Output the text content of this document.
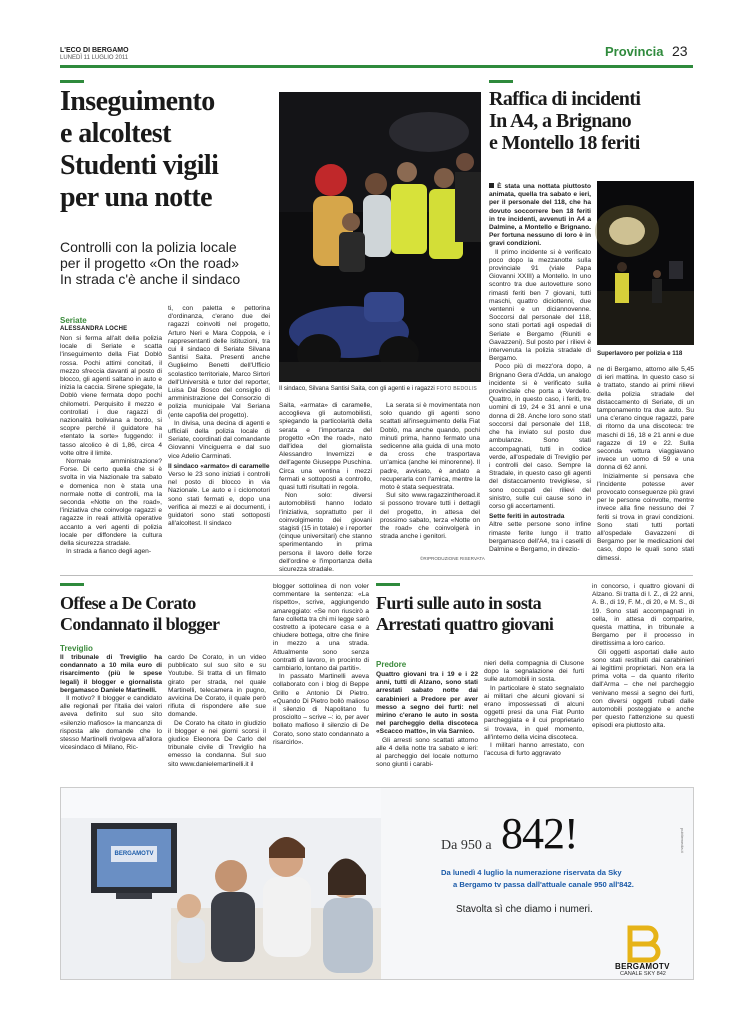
L'ECO DI BERGAMO
LUNEDÌ 11 LUGLIO 2011	Provincia 23
Inseguimento
e alcoltest
Studenti vigili
per una notte
Controlli con la polizia locale
per il progetto «On the road»
In strada c'è anche il sindaco
Seriate
ALESSANDRA LOCHE

Non si ferma all'alt della polizia locale di Seriate e scatta l'inseguimento della Fiat Doblò rossa. Pochi attimi concitati, il mezzo sfreccia davanti al posto di blocco, gli agenti saltano in auto e inizia la caccia. Sirene spiegate, la Doblò viene fermata dopo pochi chilometri. Perquisito il mezzo e controllati i due ragazzi di nazionalità boliviana a bordo, si scopre perché il guidatore ha «tentato la sorte» fuggendo: il tasso alcolico è di 1,86, circa 4 volte oltre il limite.

Normale amministrazione? Forse. Di certo quella che si è svolta in via Nazionale tra sabato e domenica non è stata una normale notte di controlli, ma la seconda «Notte on the road», l'iniziativa che coinvolge ragazzi e ragazze in reali attività operative accanto a veri agenti di polizia locale per diffondere la cultura della sicurezza stradale.

In strada a fianco degli agen-

ti, con paletta e pettorina d'ordinanza, c'erano due dei ragazzi coinvolti nel progetto, Arturo Neri e Mara Coppola, e i rappresentanti delle istituzioni, tra cui il sindaco di Seriate Silvana Santisi Saita. Presenti anche Guglielmo Benetti dell'Ufficio scolastico territoriale, Marco Sirtori dell'Università e tutor del reporter, Luisa Dal Bosco del consiglio di amministrazione del Consorzio di polizia municipale Val Seriana (ente capofila del progetto).

In divisa, una decina di agenti e ufficiali della polizia locale di Seriate, coordinati dal comandante Giovanni Vinciguerra e dal suo vice Adelio Carminati.

Il sindaco «armato» di caramelle

Verso le 23 sono iniziati i controlli nel posto di blocco in via Nazionale. Le auto e i ciclomotori sono stati fermati e, dopo una verifica ai mezzi e ai documenti, i guidatori sono stati sottoposti all'alcoltest. Il sindaco

Il sindaco, Silvana Santisi Saita, con gli agenti e i ragazzi FOTO BEDOLIS

Saita, «armata» di caramelle, accoglieva gli automobilisti, spiegando la particolarità della serata e l'importanza del progetto «On the road», nato dall'idea del giornalista Alessandro Invernizzi e dell'agente Giuseppe Puschina. Circa una ventina i mezzi fermati e sottoposti a controllo, quasi tutti risultati in regola.

Non solo: diversi automobilisti hanno lodato l'iniziativa, soprattutto per il coinvolgimento dei giovani stagisti (15 in totale) e i reporter (cinque universitari) che stanno sperimentando in prima persona il lavoro delle forze dell'ordine e l'importanza della sicurezza stradale.

La serata si è movimentata non solo quando gli agenti sono scattati all'inseguimento della Fiat Doblò, ma anche quando, pochi minuti prima, hanno fermato una sedicenne alla guida di una moto da cross che trasportava un'amica (anche lei minorenne). Il padre, avvisato, è andato a recuperarla con l'amica, mentre la moto è stata sequestrata.

Sul sito www.ragazzintheroad.it si possono trovare tutti i dettagli del progetto, in attesa del prossimo sabato, terza «Notte on the road» che coinvolgerà in strada anche i genitori.

©RIPRODUZIONE RISERVATA
Raffica di incidenti
In A4, a Brignano
e Montello 18 feriti

È stata una nottata piuttosto animata, quella tra sabato e ieri, per il personale del 118, che ha dovuto soccorrere ben 18 feriti in tre incidenti, avvenuti in A4 a Dalmine, a Montello e Brignano. Per fortuna nessuno di loro è in gravi condizioni.

Il primo incidente si è verificato poco dopo la mezzanotte sulla provinciale 91 (viale Papa Giovanni XXIII) a Montello. In uno scontro tra due autovetture sono rimasti feriti ben 7 giovani, tutti maschi, quattro diciottenni, due ventenni e un diciannovenne. Soccorsi dal personale del 118, sono stati portati agli ospedali di Seriate e Bergamo (Riuniti e Gavazzeni). Sul posto per i rilievi è intervenuta la polizia stradale di Bergamo.

Poco più di mezz'ora dopo, a Brignano Gera d'Adda, un analogo incidente si è verificato sulla provinciale che porta a Verdello. Quattro, in questo caso, i feriti, tre uomini di 19, 24 e 31 anni e una donna di 28. Anche loro sono stati soccorsi dal personale del 118, che ha inviato sul posto due ambulanze. Sono stati accompagnati, tutti in codice verde, all'ospedale di Treviglio per i controlli del caso. Sempre la Stradale, in questo caso gli agenti del distaccamento trevigliese, si sono occupati dei rilievi del sinistro, sulle cui cause sono in corso gli accertamenti.

Sette feriti in autostrada

Altre sette persone sono infine rimaste ferite lungo il tratto bergamasco dell'A4, tra i caselli di Dalmine e Bergamo, in direzio-

Superlavoro per polizia e 118

ne di Bergamo, attorno alle 5,45 di ieri mattina. In questo caso si è trattato, stando ai primi rilievi della polizia stradale del distaccamento di Seriate, di un tamponamento tra due auto. Su una c'erano cinque ragazzi, pare di ritorno da una discoteca: tre maschi di 16, 18 e 21 anni e due ragazze di 19 e 22. Sulla seconda vettura viaggiavano invece un uomo di 59 e una donna di 62 anni.

Inizialmente si pensava che l'incidente potesse aver provocato conseguenze più gravi per le persone coinvolte, mentre invece alla fine nessuno dei 7 feriti si trova in gravi condizioni. Sono stati tutti portati all'ospedale Gavazzeni di Bergamo per le medicazioni del caso, dopo le quali sono stati dimessi.

Offese a De Corato
Condannato il blogger
Treviglio

Il tribunale di Treviglio ha condannato a 10 mila euro di risarcimento (più le spese legali) il blogger e giornalista bergamasco Daniele Martinelli.

Il motivo? Il blogger e candidato alle regionali per l'Italia dei valori aveva definito sul suo sito «silenzio mafioso» la mancanza di risposta alle domande che lo stesso Martinelli rivolgeva all'allora vicesindaco di Milano, Ric-

cardo De Corato, in un video pubblicato sul suo sito e su Youtube. Si tratta di un filmato girato per strada, nel quale Martinelli, telecamera in pugno, avvicina De Corato, il quale però rifiuta di rispondere alle sue domande.

De Corato ha citato in giudizio il blogger e nei giorni scorsi il giudice Eleonora De Carlo del tribunale civile di Treviglio ha emesso la condanna. Sul suo sito www.danielemartinelli.it il

blogger sottolinea di non voler commentare la sentenza: «La rispetto», scrive, aggiungendo amareggiato: «Se non riuscirò a fare colletta tra chi mi legge sarò costretto a ipotecare casa e a chiudere bottega, oltre che finire in mezzo a una strada. Attualmente sono senza contratti di lavoro, in procinto di cambiarlo, lontano dai partiti».

In passato Martinelli aveva collaborato con i blog di Beppe Grillo e Antonio Di Pietro. «Quando Di Pietro bollò malioso il silenzio di Napolitano fu prosciolto – scrive –: io, per aver bollato mafioso il silenzio di De Corato, sono stato condannato a risarcirlo».

Furti sulle auto in sosta
Arrestati quattro giovani
Predore

Quattro giovani tra i 19 e i 22 anni, tutti di Alzano, sono stati arrestati sabato notte dai carabinieri a Predore per aver messo a segno dei furti: nel mirino c'erano le auto in sosta nel parcheggio della discoteca «Scacco matto», in via Sarnico.

Gli arresti sono scattati attorno alle 4 della notte tra sabato e ieri: al parcheggio del locale notturno sono giunti i carabi-

nieri della compagnia di Clusone dopo la segnalazione dei furti sulle automobili in sosta.

In particolare è stato segnalato ai militari che alcuni giovani si erano impossessati di alcuni oggetti presi da una Fiat Punto parcheggiata e il cui proprietario si trovava, in quel momento, all'interno della vicina discoteca.

I militari hanno arrestato, con l'accusa di furto aggravato

in concorso, i quattro giovani di Alzano. Si tratta di I. Z., di 22 anni, A. B., di 19, F. M., di 20, e M. S., di 19. Sono stati accompagnati in cella, in attesa di comparire, questa mattina, in tribunale a Bergamo per il processo in direttissima a loro carico.

Gli oggetti asportati dalle auto sono stati restituiti dai carabinieri ai legittimi proprietari. Non era la prima volta – da quanto riferito dall'Arma – che nel parcheggio venivano messi a segno dei furti, con diversi oggetti rubati dalle automobili posteggiate e anche per questo l'attenzione su questi episodi era piuttosto alta.

BERGAMOTV
Da 950 a 842!
Da lunedì 4 luglio la numerazione riservata da Sky
a Bergamo tv passa dall'attuale canale 950 all'842.
Stavolta sì che diamo i numeri.
BERGAMOTV
CANALE SKY 842
publiemedia.it
